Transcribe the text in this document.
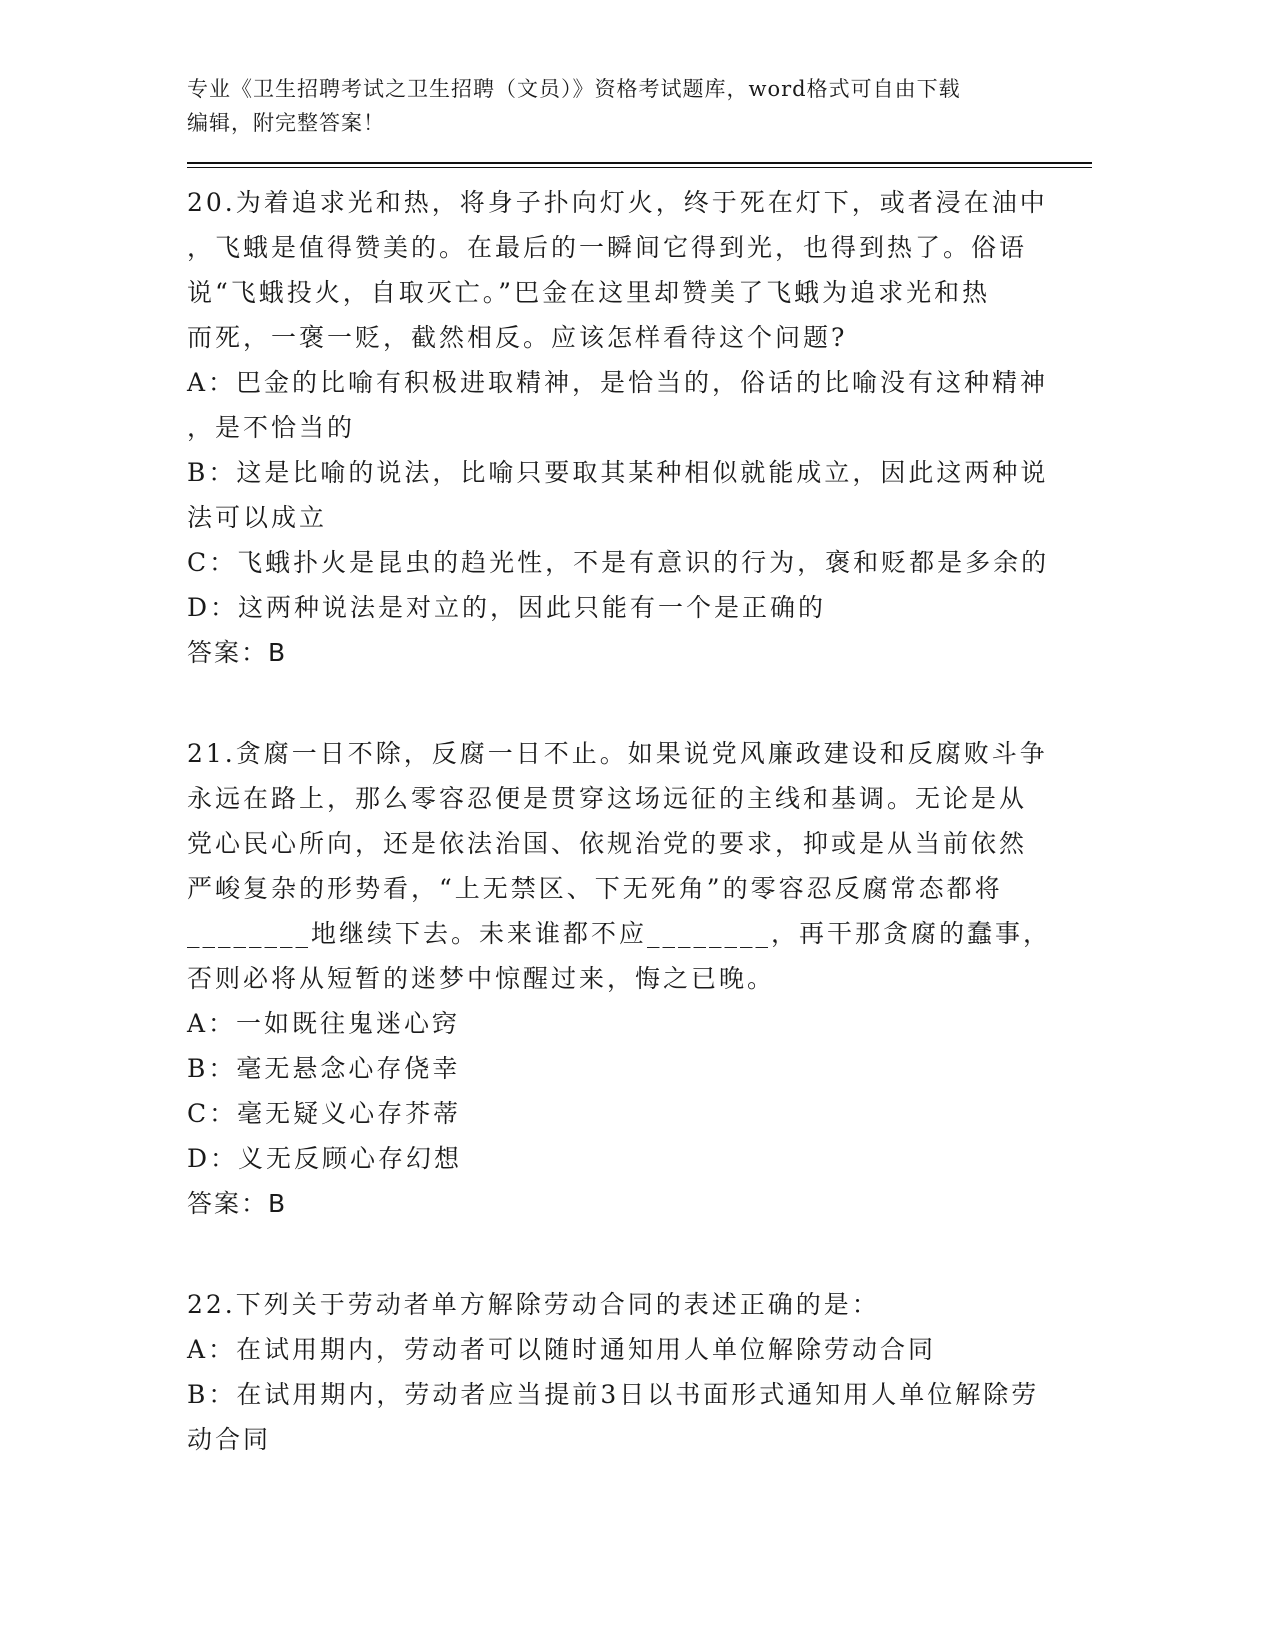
专业《卫生招聘考试之卫生招聘（文员）》资格考试题库，word格式可自由下载
编辑，附完整答案！
20.为着追求光和热，将身子扑向灯火，终于死在灯下，或者浸在油中
，飞蛾是值得赞美的。在最后的一瞬间它得到光，也得到热了。俗语
说“飞蛾投火，自取灭亡。”巴金在这里却赞美了飞蛾为追求光和热
而死，一褒一贬，截然相反。应该怎样看待这个问题?
A：巴金的比喻有积极进取精神，是恰当的，俗话的比喻没有这种精神
，是不恰当的
B：这是比喻的说法，比喻只要取其某种相似就能成立，因此这两种说
法可以成立
C：飞蛾扑火是昆虫的趋光性，不是有意识的行为，褒和贬都是多余的
D：这两种说法是对立的，因此只能有一个是正确的
答案：B
21.贪腐一日不除，反腐一日不止。如果说党风廉政建设和反腐败斗争
永远在路上，那么零容忍便是贯穿这场远征的主线和基调。无论是从
党心民心所向，还是依法治国、依规治党的要求，抑或是从当前依然
严峻复杂的形势看，“上无禁区、下无死角”的零容忍反腐常态都将
________地继续下去。未来谁都不应________，再干那贪腐的蠢事，
否则必将从短暂的迷梦中惊醒过来，悔之已晚。
A：一如既往鬼迷心窍
B：毫无悬念心存侥幸
C：毫无疑义心存芥蒂
D：义无反顾心存幻想
答案：B
22.下列关于劳动者单方解除劳动合同的表述正确的是：
A：在试用期内，劳动者可以随时通知用人单位解除劳动合同
B：在试用期内，劳动者应当提前3日以书面形式通知用人单位解除劳
动合同
